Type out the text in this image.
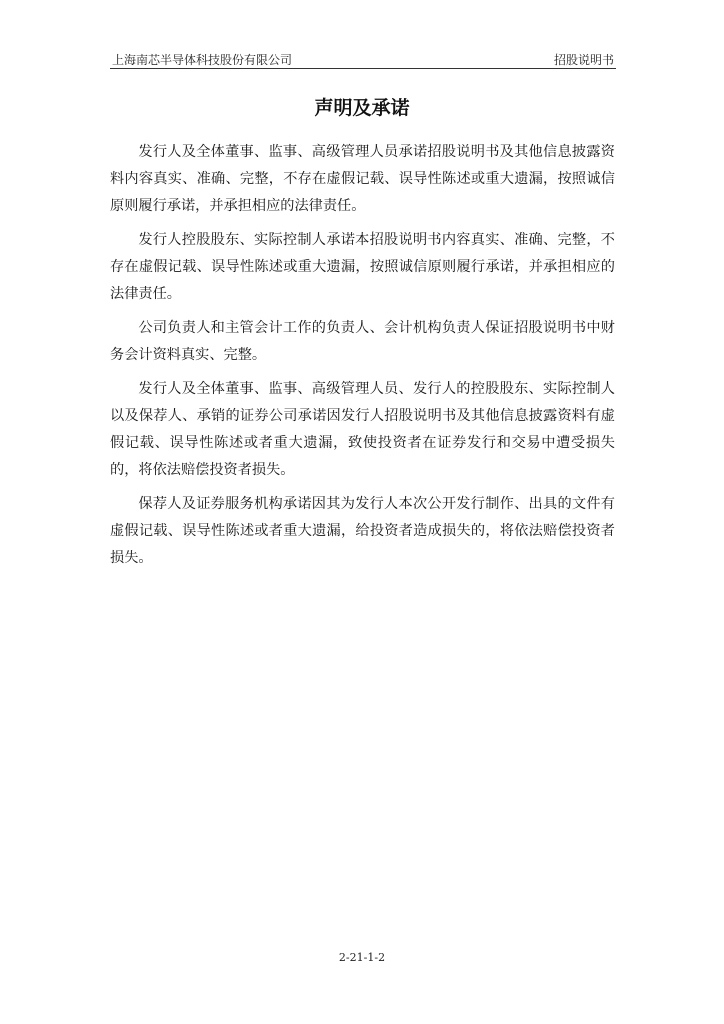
上海南芯半导体科技股份有限公司	招股说明书
声明及承诺

发行人及全体董事、监事、高级管理人员承诺招股说明书及其他信息披露资料内容真实、准确、完整，不存在虚假记载、误导性陈述或重大遗漏，按照诚信原则履行承诺，并承担相应的法律责任。

发行人控股股东、实际控制人承诺本招股说明书内容真实、准确、完整，不存在虚假记载、误导性陈述或重大遗漏，按照诚信原则履行承诺，并承担相应的法律责任。

公司负责人和主管会计工作的负责人、会计机构负责人保证招股说明书中财务会计资料真实、完整。

发行人及全体董事、监事、高级管理人员、发行人的控股股东、实际控制人以及保荐人、承销的证券公司承诺因发行人招股说明书及其他信息披露资料有虚假记载、误导性陈述或者重大遗漏，致使投资者在证券发行和交易中遭受损失的，将依法赔偿投资者损失。

保荐人及证券服务机构承诺因其为发行人本次公开发行制作、出具的文件有虚假记载、误导性陈述或者重大遗漏，给投资者造成损失的，将依法赔偿投资者损失。

2-21-1-2
